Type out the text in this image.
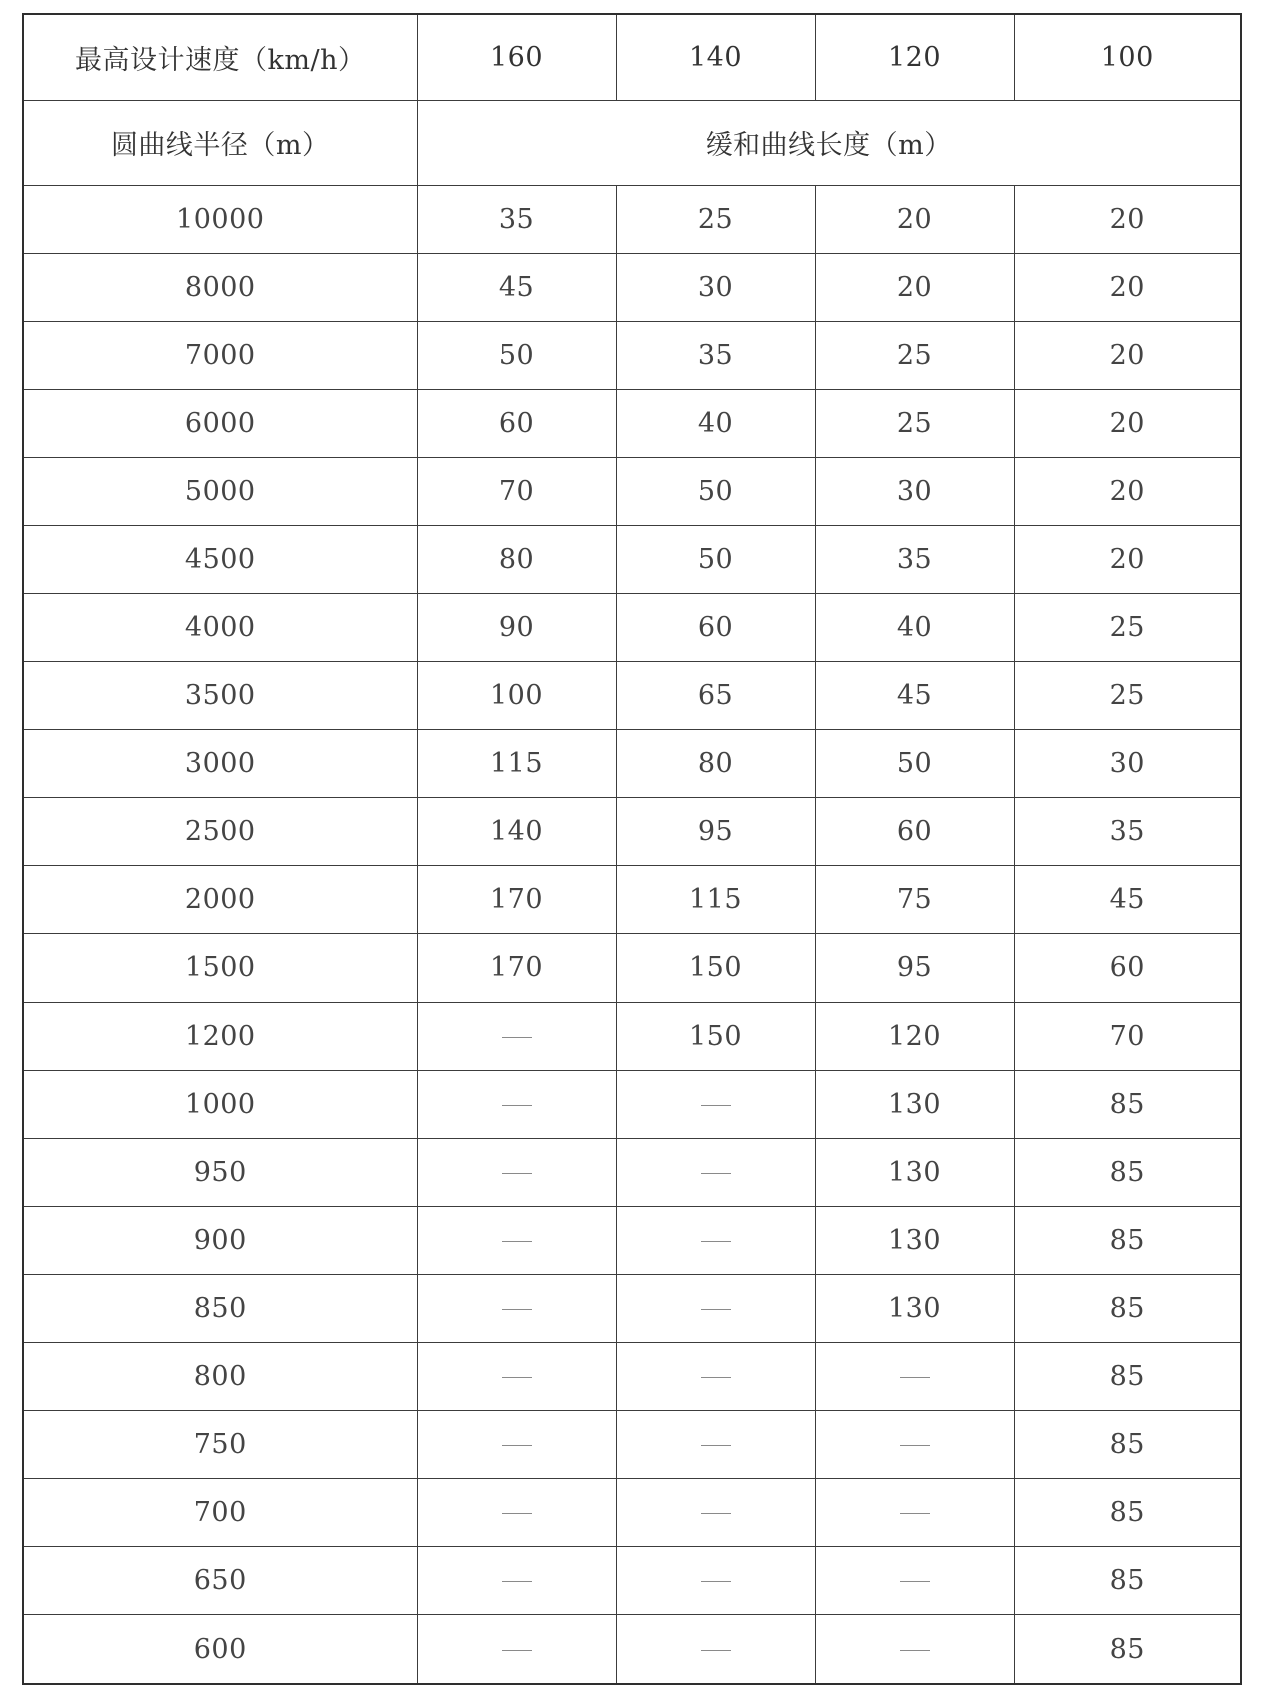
最高设计速度（km/h）	160	140	120	100
圆曲线半径（m）	缓和曲线长度（m）			
10000	35	25	20	20
8000	45	30	20	20
7000	50	35	25	20
6000	60	40	25	20
5000	70	50	30	20
4500	80	50	35	20
4000	90	60	40	25
3500	100	65	45	25
3000	115	80	50	30
2500	140	95	60	35
2000	170	115	75	45
1500	170	150	95	60
1200		150	120	70
1000			130	85
950			130	85
900			130	85
850			130	85
800				85
750				85
700				85
650				85
600				85
